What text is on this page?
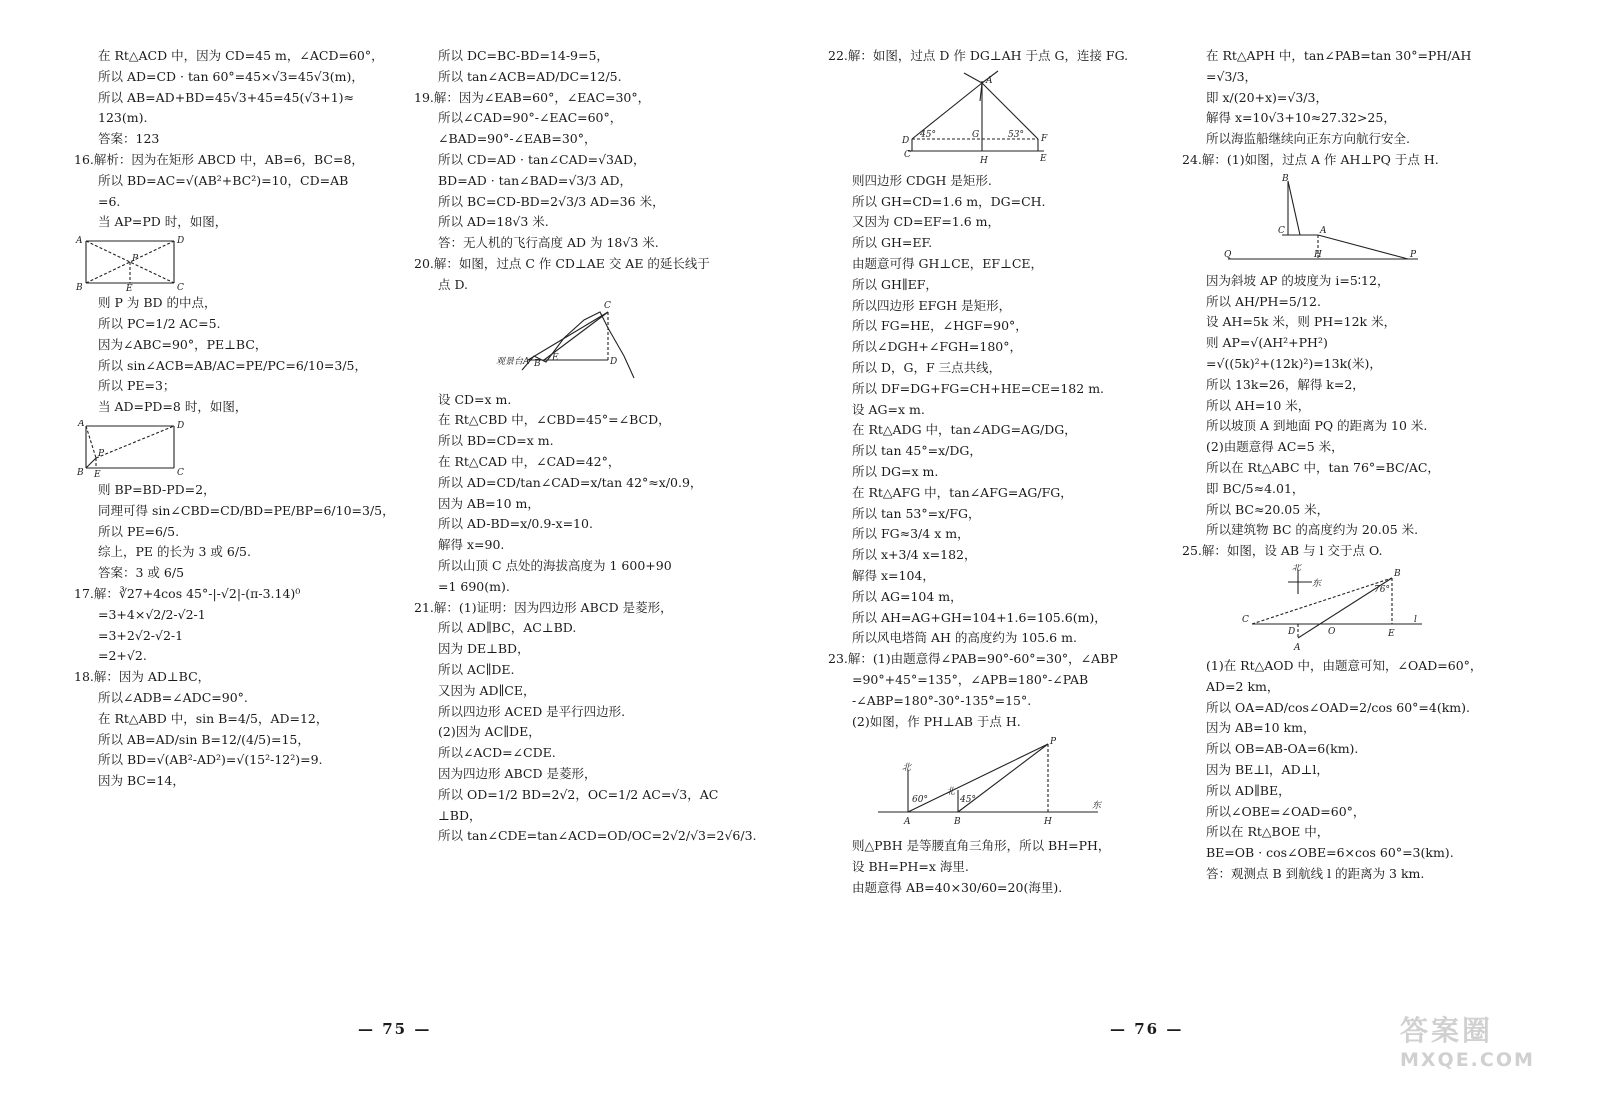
在 Rt△ACD 中，因为 CD=45 m，∠ACD=60°，
所以 AD=CD · tan 60°=45×√3=45√3(m)，
所以 AB=AD+BD=45√3+45=45(√3+1)≈
123(m).
答案：123
16.解析：因为在矩形 ABCD 中，AB=6，BC=8，
所以 BD=AC=√(AB²+BC²)=10，CD=AB
=6.
当 AP=PD 时，如图，
A	D
P
B	E	C
则 P 为 BD 的中点，
所以 PC=1/2 AC=5.
因为∠ABC=90°，PE⊥BC，
所以 sin∠ACB=AB/AC=PE/PC=6/10=3/5，
所以 PE=3；
当 AD=PD=8 时，如图，
A	D
P
B E	C
则 BP=BD-PD=2，
同理可得 sin∠CBD=CD/BD=PE/BP=6/10=3/5，
所以 PE=6/5.
综上，PE 的长为 3 或 6/5.
答案：3 或 6/5
17.解：∛27+4cos 45°-|-√2|-(π-3.14)⁰
=3+4×√2/2-√2-1
=3+2√2-√2-1
=2+√2.
18.解：因为 AD⊥BC，
所以∠ADB=∠ADC=90°.
在 Rt△ABD 中，sin B=4/5，AD=12，
所以 AB=AD/sin B=12/(4/5)=15，
所以 BD=√(AB²-AD²)=√(15²-12²)=9.
因为 BC=14，
所以 DC=BC-BD=14-9=5，
所以 tan∠ACB=AD/DC=12/5.
19.解：因为∠EAB=60°，∠EAC=30°，
所以∠CAD=90°-∠EAC=60°，
∠BAD=90°-∠EAB=30°，
所以 CD=AD · tan∠CAD=√3AD，
BD=AD · tan∠BAD=√3/3 AD，
所以 BC=CD-BD=2√3/3 AD=36 米，
所以 AD=18√3 米.
答：无人机的飞行高度 AD 为 18√3 米.
20.解：如图，过点 C 作 CD⊥AE 交 AE 的延长线于
点 D.
C
观景台A B
E	D
设 CD=x m.
在 Rt△CBD 中，∠CBD=45°=∠BCD，
所以 BD=CD=x m.
在 Rt△CAD 中，∠CAD=42°，
所以 AD=CD/tan∠CAD=x/tan 42°≈x/0.9，
因为 AB=10 m，
所以 AD-BD=x/0.9-x=10.
解得 x=90.
所以山顶 C 点处的海拔高度为 1 600+90
=1 690(m).
21.解：(1)证明：因为四边形 ABCD 是菱形，
所以 AD∥BC，AC⊥BD.
因为 DE⊥BD，
所以 AC∥DE.
又因为 AD∥CE，
所以四边形 ACED 是平行四边形.
(2)因为 AC∥DE，
所以∠ACD=∠CDE.
因为四边形 ABCD 是菱形，
所以 OD=1/2 BD=2√2，OC=1/2 AC=√3，AC
⊥BD，
所以 tan∠CDE=tan∠ACD=OD/OC=2√2/√3=2√6/3.
22.解：如图，过点 D 作 DG⊥AH 于点 G，连接 FG.
A
D
45°	G	53° F
C
H	E
则四边形 CDGH 是矩形.
所以 GH=CD=1.6 m，DG=CH.
又因为 CD=EF=1.6 m，
所以 GH=EF.
由题意可得 GH⊥CE，EF⊥CE，
所以 GH∥EF，
所以四边形 EFGH 是矩形，
所以 FG=HE，∠HGF=90°，
所以∠DGH+∠FGH=180°，
所以 D，G，F 三点共线，
所以 DF=DG+FG=CH+HE=CE=182 m.
设 AG=x m.
在 Rt△ADG 中，tan∠ADG=AG/DG，
所以 tan 45°=x/DG，
所以 DG=x m.
在 Rt△AFG 中，tan∠AFG=AG/FG，
所以 tan 53°=x/FG，
所以 FG≈3/4 x m，
所以 x+3/4 x=182，
解得 x=104，
所以 AG=104 m，
所以 AH=AG+GH=104+1.6=105.6(m)，
所以风电塔筒 AH 的高度约为 105.6 m.
23.解：(1)由题意得∠PAB=90°-60°=30°，∠ABP
=90°+45°=135°，∠APB=180°-∠PAB
-∠ABP=180°-30°-135°=15°.
(2)如图，作 PH⊥AB 于点 H.
北
P
60°
北
45°
A	B	H
东
则△PBH 是等腰直角三角形，所以 BH=PH，
设 BH=PH=x 海里.
由题意得 AB=40×30/60=20(海里).
在 Rt△APH 中，tan∠PAB=tan 30°=PH/AH
=√3/3，
即 x/(20+x)=√3/3，
解得 x=10√3+10≈27.32>25，
所以海监船继续向正东方向航行安全.
24.解：(1)如图，过点 A 作 AH⊥PQ 于点 H.
B
C	A
Q	H	P
因为斜坡 AP 的坡度为 i=5∶12，
所以 AH/PH=5/12.
设 AH=5k 米，则 PH=12k 米，
则 AP=√(AH²+PH²)
=√((5k)²+(12k)²)=13k(米)，
所以 13k=26，解得 k=2，
所以 AH=10 米，
所以坡顶 A 到地面 PQ 的距离为 10 米.
(2)由题意得 AC=5 米，
所以在 Rt△ABC 中，tan 76°=BC/AC，
即 BC/5≈4.01，
所以 BC≈20.05 米，
所以建筑物 BC 的高度约为 20.05 米.
25.解：如图，设 AB 与 l 交于点 O.
北
东
B
76°
C
D	O	E
l
A
(1)在 Rt△AOD 中，由题意可知，∠OAD=60°，
AD=2 km，
所以 OA=AD/cos∠OAD=2/cos 60°=4(km).
因为 AB=10 km，
所以 OB=AB-OA=6(km).
因为 BE⊥l，AD⊥l，
所以 AD∥BE，
所以∠OBE=∠OAD=60°，
所以在 Rt△BOE 中，
BE=OB · cos∠OBE=6×cos 60°=3(km).
答：观测点 B 到航线 l 的距离为 3 km.
— 75 —	— 76 —	答案圈
MXQE.COM
